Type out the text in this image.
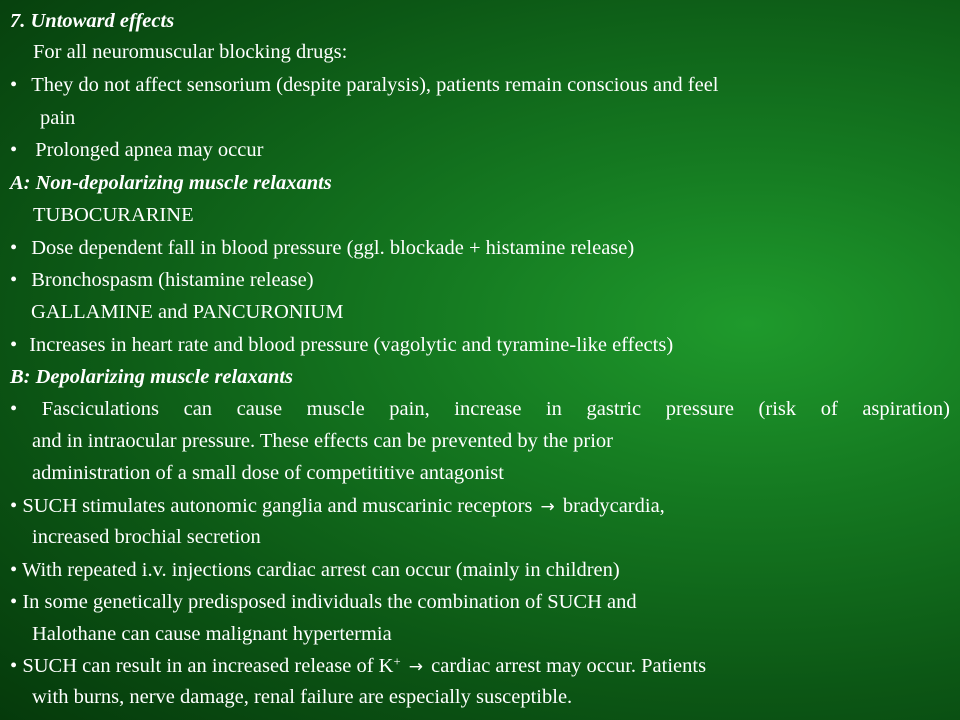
7. Untoward effects
For all neuromuscular blocking drugs:
• They do not affect sensorium (despite paralysis), patients remain conscious and feel
pain
• Prolonged apnea may occur
A: Non-depolarizing muscle relaxants
TUBOCURARINE
• Dose dependent fall in blood pressure (ggl. blockade + histamine release)
• Bronchospasm (histamine release)
GALLAMINE and PANCURONIUM
• Increases in heart rate and blood pressure (vagolytic and tyramine-like effects)
B: Depolarizing muscle relaxants
• Fasciculations can cause muscle pain, increase in gastric pressure (risk of aspiration)
and in intraocular pressure. These effects can be prevented by the prior
administration of a small dose of competititive antagonist
• SUCH stimulates autonomic ganglia and muscarinic receptors → bradycardia,
increased brochial secretion
• With repeated i.v. injections cardiac arrest can occur (mainly in children)
• In some genetically predisposed individuals the combination of SUCH and
Halothane can cause malignant hypertermia
• SUCH can result in an increased release of K+ → cardiac arrest may occur. Patients
with burns, nerve damage, renal failure are especially susceptible.
